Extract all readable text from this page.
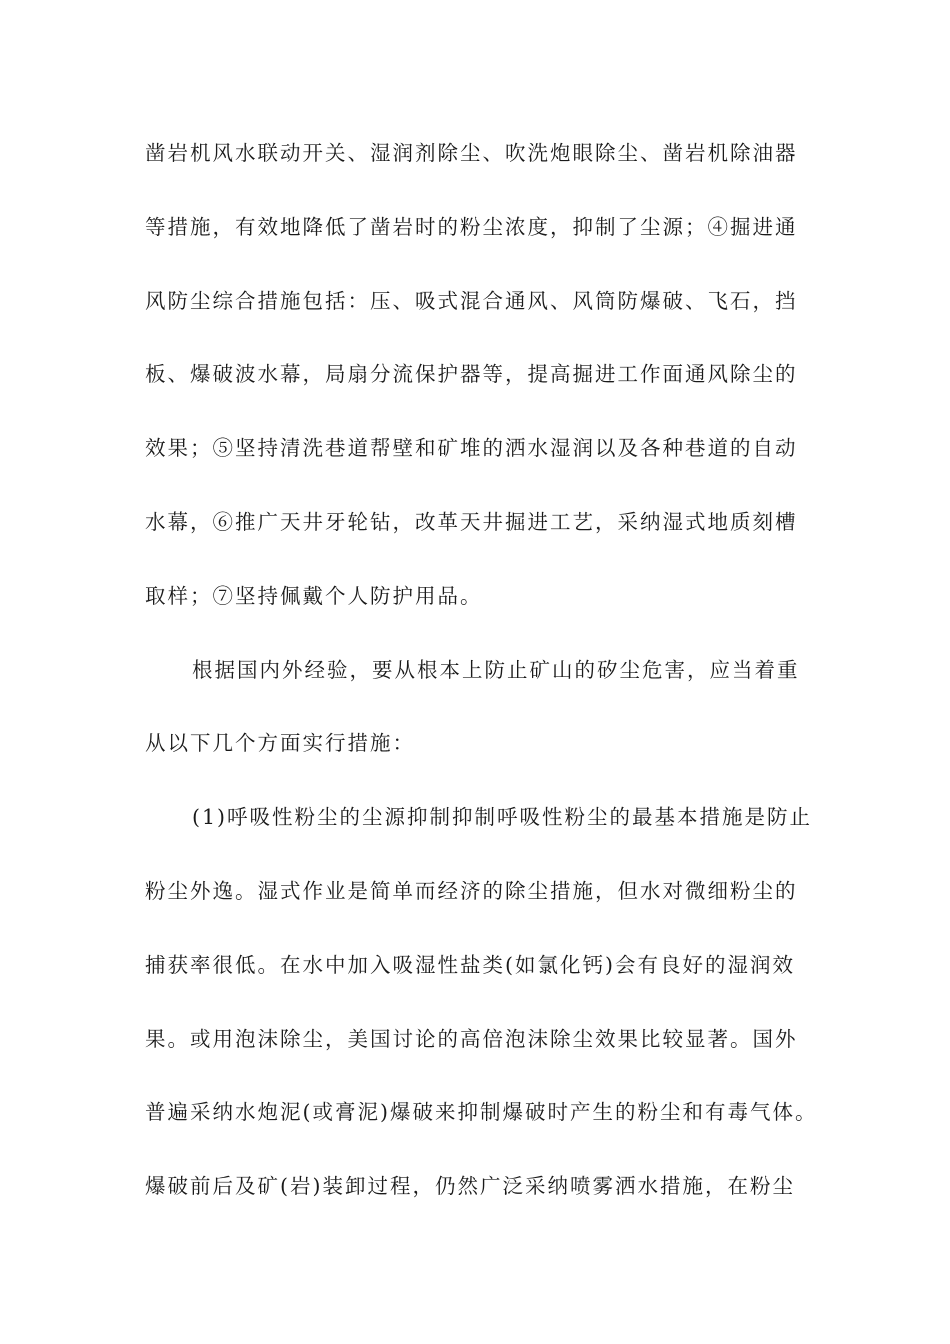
凿岩机风水联动开关、湿润剂除尘、吹洗炮眼除尘、凿岩机除油器
等措施，有效地降低了凿岩时的粉尘浓度，抑制了尘源；④掘进通
风防尘综合措施包括：压、吸式混合通风、风筒防爆破、飞石，挡
板、爆破波水幕，局扇分流保护器等，提高掘进工作面通风除尘的
效果；⑤坚持清洗巷道帮壁和矿堆的洒水湿润以及各种巷道的自动
水幕，⑥推广天井牙轮钻，改革天井掘进工艺，采纳湿式地质刻槽
取样；⑦坚持佩戴个人防护用品。
根据国内外经验，要从根本上防止矿山的矽尘危害，应当着重
从以下几个方面实行措施：
(1)呼吸性粉尘的尘源抑制抑制呼吸性粉尘的最基本措施是防止
粉尘外逸。湿式作业是简单而经济的除尘措施，但水对微细粉尘的
捕获率很低。在水中加入吸湿性盐类(如氯化钙)会有良好的湿润效
果。或用泡沫除尘，美国讨论的高倍泡沫除尘效果比较显著。国外
普遍采纳水炮泥(或膏泥)爆破来抑制爆破时产生的粉尘和有毒气体。
爆破前后及矿(岩)装卸过程，仍然广泛采纳喷雾洒水措施，在粉尘
